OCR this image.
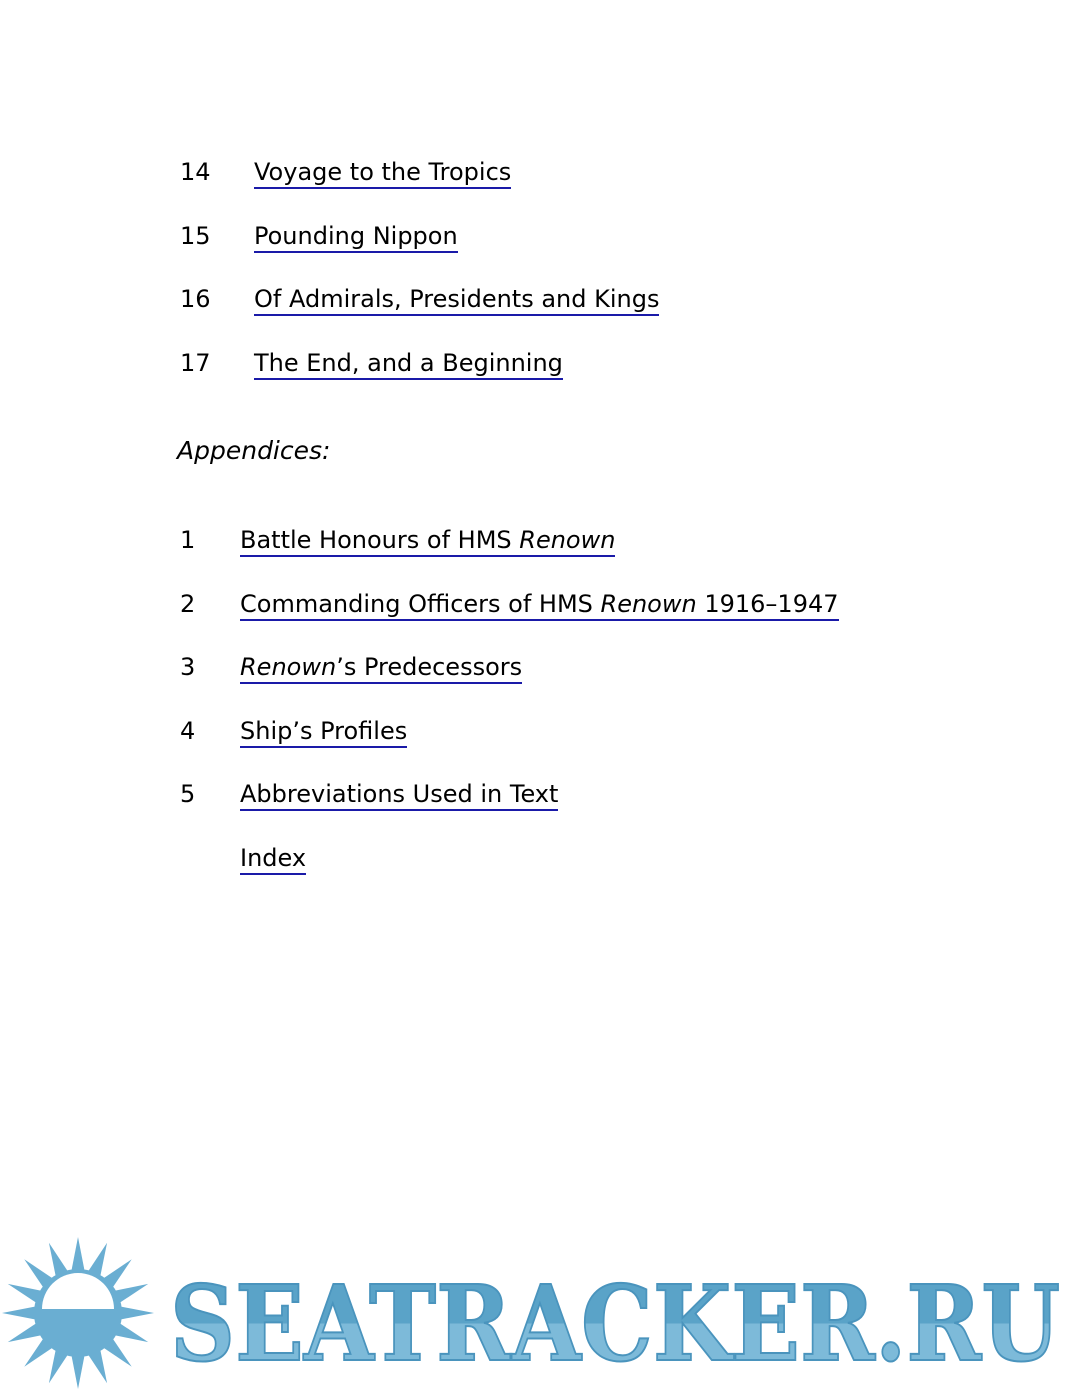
14 Voyage to the Tropics
15 Pounding Nippon
16 Of Admirals, Presidents and Kings
17 The End, and a Beginning
Appendices:
1 Battle Honours of HMS Renown
2 Commanding Officers of HMS Renown 1916–1947
3 Renown’s Predecessors
4 Ship’s Profiles
5 Abbreviations Used in Text
Index
SEATRACKER.RU
